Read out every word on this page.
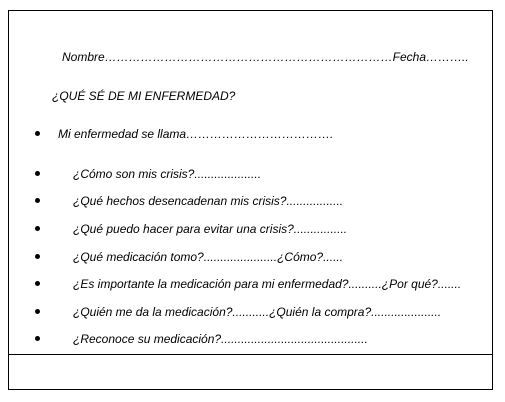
Nombre………………………………………………………………Fecha………..
¿QUÉ SÉ DE MI ENFERMEDAD?
Mi enfermedad se llama……………………………….
¿Cómo son mis crisis?....................
¿Qué hechos desencadenan mis crisis?.................
¿Qué puedo hacer para evitar una crisis?................
¿Qué medicación tomo?......................¿Cómo?......
¿Es importante la medicación para mi enfermedad?..........¿Por qué?.......
¿Quién me da la medicación?...........¿Quién la compra?.....................
¿Reconoce su medicación?............................................
